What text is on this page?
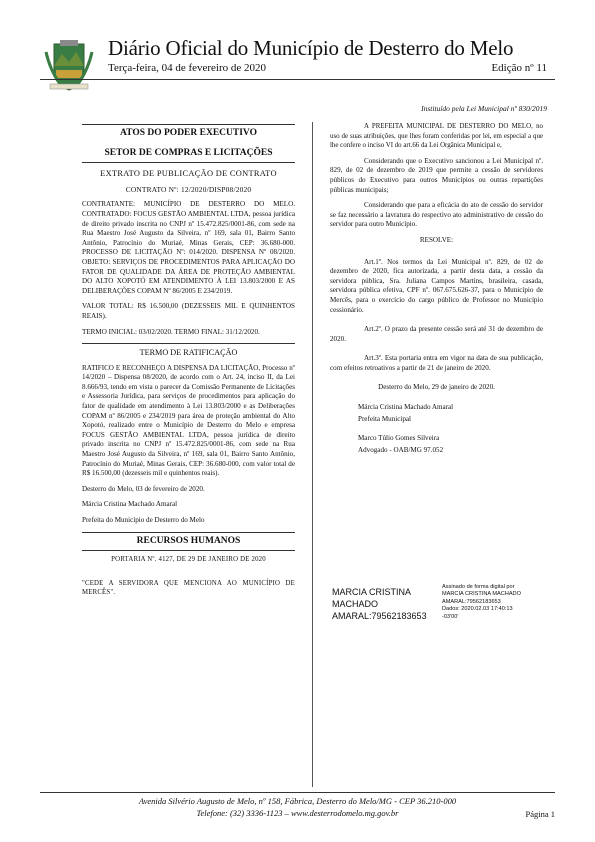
Diário Oficial do Município de Desterro do Melo
Terça-feira, 04 de fevereiro de 2020	Edição nº 11
Instituído pela Lei Municipal nº 830/2019
ATOS DO PODER EXECUTIVO
SETOR DE COMPRAS E LICITAÇÕES

EXTRATO DE PUBLICAÇÃO DE CONTRATO

CONTRATO Nº: 12/2020/DISP08/2020

CONTRATANTE: MUNICÍPIO DE DESTERRO DO MELO. CONTRATADO: FOCUS GESTÃO AMBIENTAL LTDA, pessoa jurídica de direito privado inscrita no CNPJ nº 15.472.825/0001-86, com sede na Rua Maestro José Augusto da Silveira, nº 169, sala 01, Bairro Santo Antônio, Patrocínio do Muriaé, Minas Gerais, CEP: 36.680-000. PROCESSO DE LICITAÇÃO Nº: 014/2020. DISPENSA Nº 08/2020. OBJETO: SERVIÇOS DE PROCEDIMENTOS PARA APLICAÇÃO DO FATOR DE QUALIDADE DA ÁREA DE PROTEÇÃO AMBIENTAL DO ALTO XOPOTÓ EM ATENDIMENTO À LEI 13.803/2000 E AS DELIBERAÇÕES COPAM Nº 86/2005 E 234/2019.

VALOR TOTAL: R$ 16.500,00 (DEZESSEIS MIL E QUINHENTOS REAIS).

TERMO INICIAL: 03/02/2020. TERMO FINAL: 31/12/2020.

TERMO DE RATIFICAÇÃO

RATIFICO E RECONHEÇO A DISPENSA DA LICITAÇÃO, Processo nº 14/2020 – Dispensa 08/2020, de acordo com o Art. 24, inciso II, da Lei 8.666/93, tendo em vista o parecer da Comissão Permanente de Licitações e Assessoria Jurídica, para serviços de procedimentos para aplicação do fator de qualidade em atendimento à Lei 13.803/2000 e as Deliberações COPAM nº 86/2005 e 234/2019 para área de proteção ambiental do Alto Xopotó, realizado entre o Município de Desterro do Melo e empresa FOCUS GESTÃO AMBIENTAL LTDA, pessoa jurídica de direito privado inscrita no CNPJ nº 15.472.825/0001-86, com sede na Rua Maestro José Augusto da Silveira, nº 169, sala 01, Bairro Santo Antônio, Patrocínio do Muriaé, Minas Gerais, CEP: 36.680-000, com valor total de R$ 16.500,00 (dezesseis mil e quinhentos reais).

Desterro do Melo, 03 de fevereiro de 2020.

Márcia Cristina Machado Amaral

Prefeita do Município de Desterro do Melo

RECURSOS HUMANOS

PORTARIA Nº. 4127, DE 29 DE JANEIRO DE 2020

"CEDE A SERVIDORA QUE MENCIONA AO MUNICÍPIO DE MERCÊS".

A PREFEITA MUNICIPAL DE DESTERRO DO MELO, no uso de suas atribuições, que lhes foram conferidas por lei, em especial a que lhe confere o inciso VI do art.66 da Lei Orgânica Municipal e,

Considerando que o Executivo sancionou a Lei Municipal nº. 829, de 02 de dezembro de 2019 que permite a cessão de servidores públicos do Executivo para outros Municípios ou outras repartições públicas municipais;

Considerando que para a eficácia do ato de cessão do servidor se faz necessário a lavratura do respectivo ato administrativo de cessão do servidor para outro Município.

RESOLVE:

Art.1º. Nos termos da Lei Municipal nº. 829, de 02 de dezembro de 2020, fica autorizada, a partir desta data, a cessão da servidora pública, Sra. Juliana Campos Martins, brasileira, casada, servidora pública efetiva, CPF nº. 067.675.626-37, para o Município de Mercês, para o exercício do cargo público de Professor no Município cessionário.

Art.2º. O prazo da presente cessão será até 31 de dezembro de 2020.

Art.3º. Esta portaria entra em vigor na data de sua publicação, com efeitos retroativos a partir de 21 de janeiro de 2020.

Desterro do Melo, 29 de janeiro de 2020.

Márcia Cristina Machado Amaral

Prefeita Municipal

Marco Túlio Gomes Silveira

Advogado - OAB/MG 97.052

MARCIA CRISTINA
MACHADO
AMARAL:79562183653
Assinado de forma digital por
MARCIA CRISTINA MACHADO
AMARAL:79562183653
Dados: 2020.02.03 17:40:13
-03'00'
Avenida Silvério Augusto de Melo, nº 158, Fábrica, Desterro do Melo/MG - CEP 36.210-000
Telefone: (32) 3336-1123 – www.desterrodomelo.mg.gov.br	Página 1
